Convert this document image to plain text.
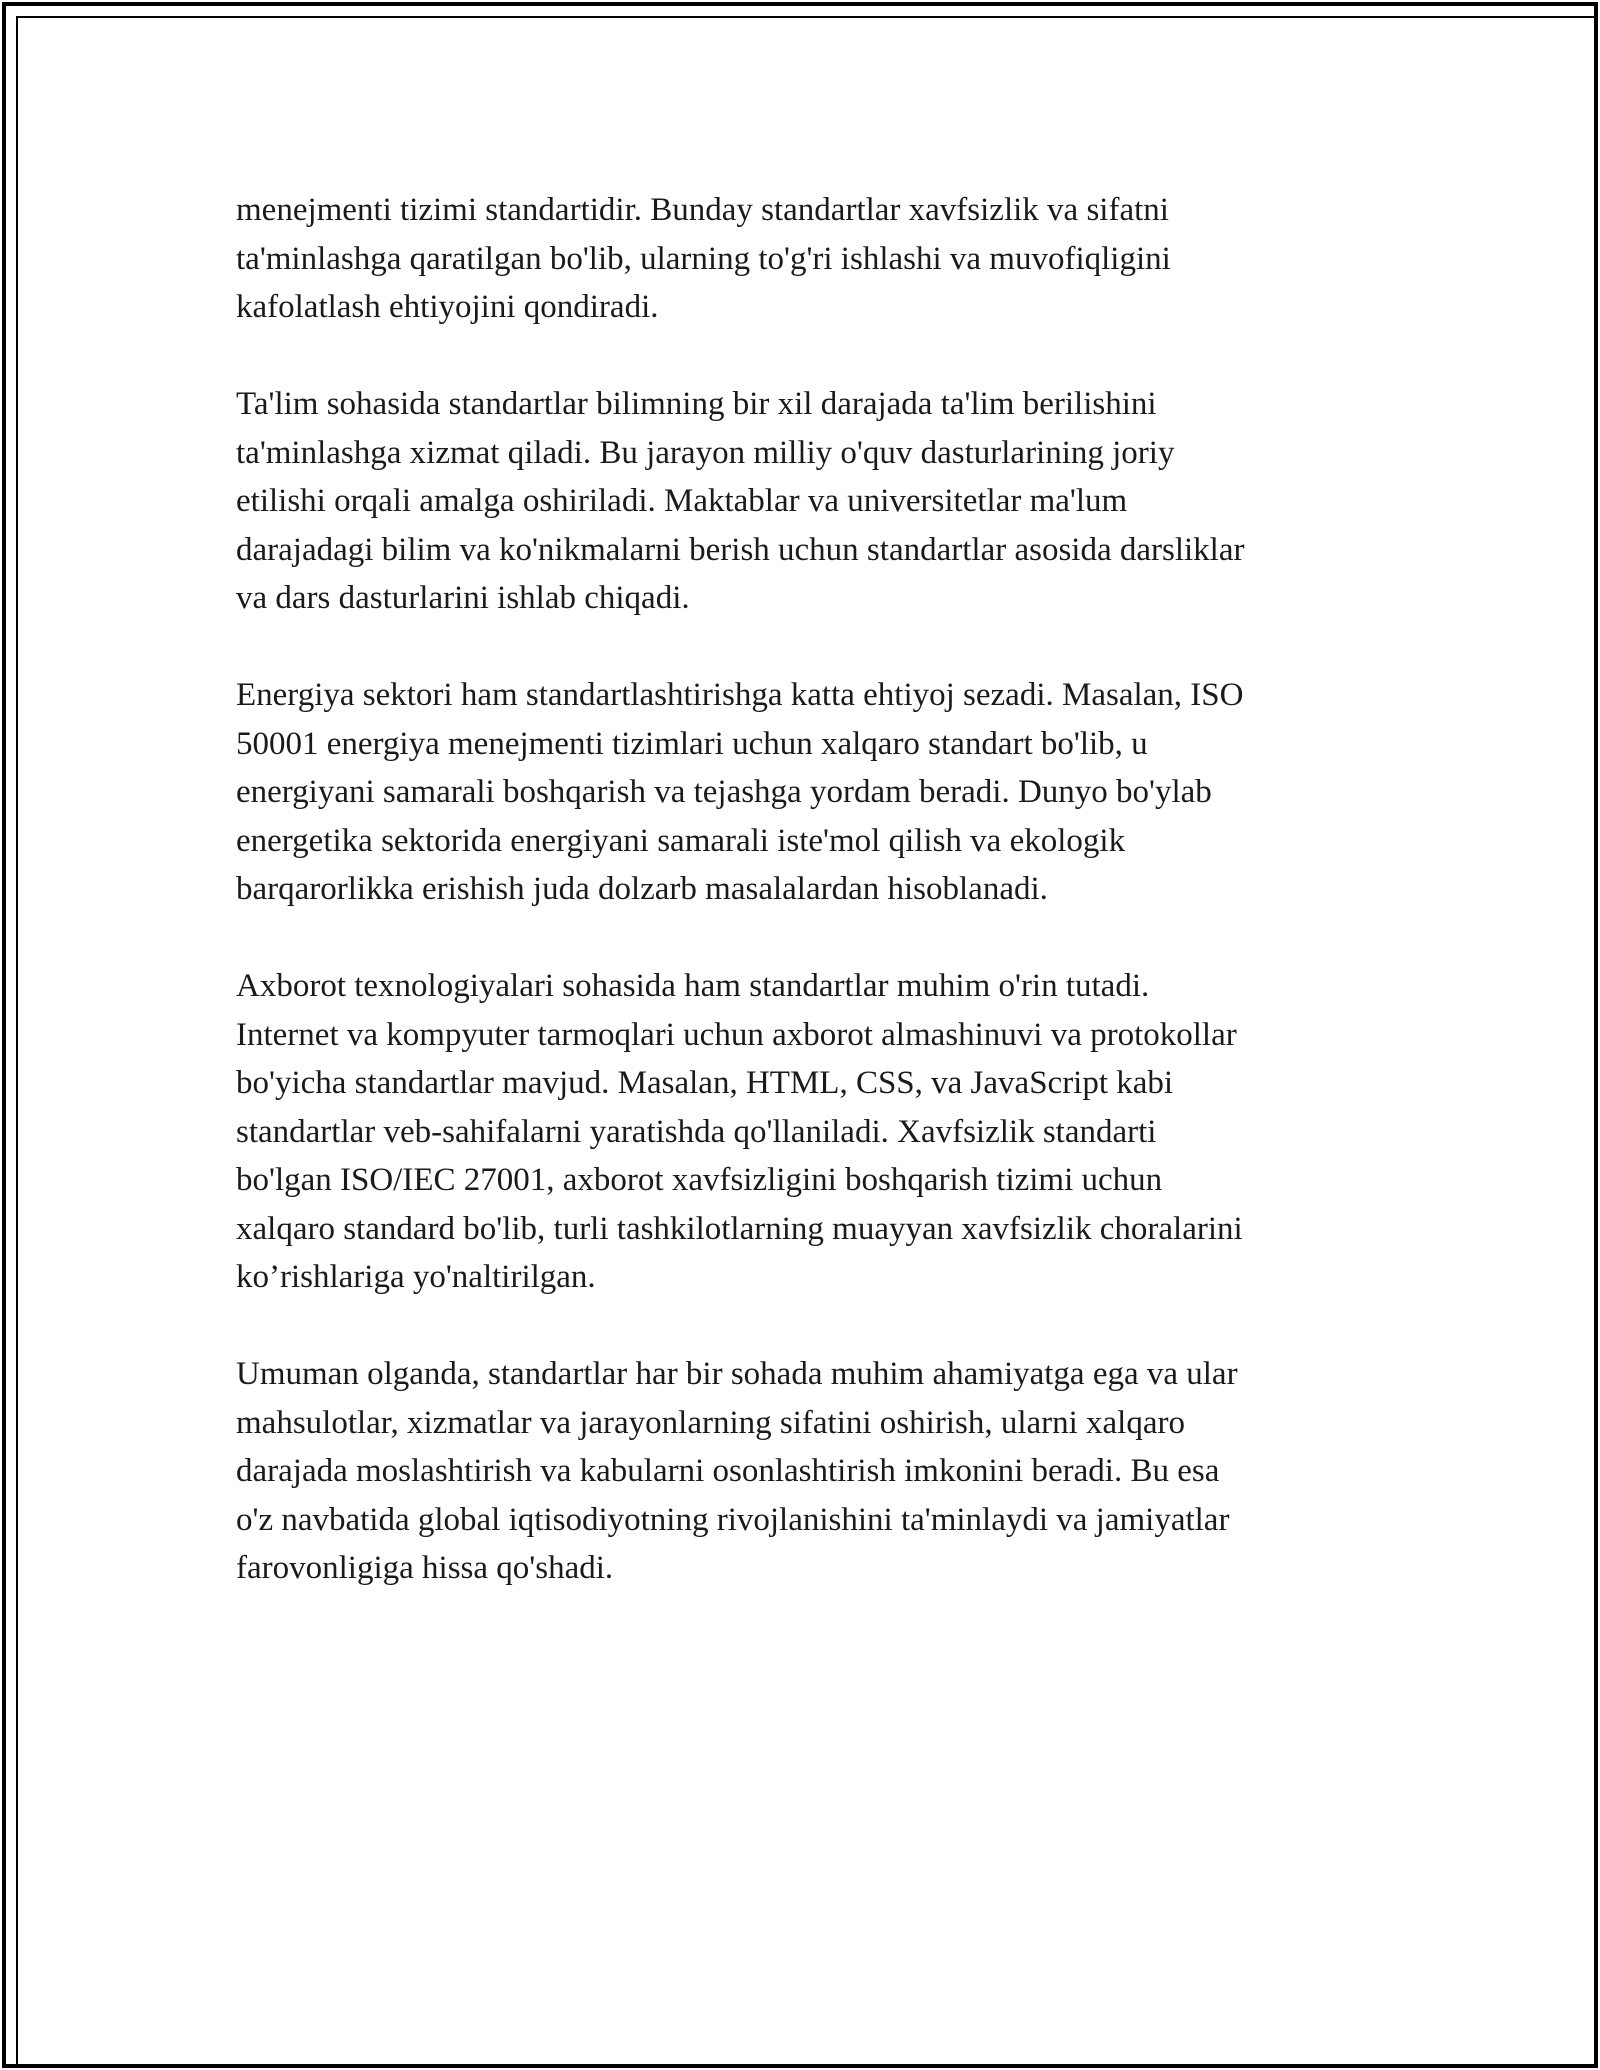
menejmenti tizimi standartidir. Bunday standartlar xavfsizlik va sifatni
ta'minlashga qaratilgan bo'lib, ularning to'g'ri ishlashi va muvofiqligini
kafolatlash ehtiyojini qondiradi.

Ta'lim sohasida standartlar bilimning bir xil darajada ta'lim berilishini
ta'minlashga xizmat qiladi. Bu jarayon milliy o'quv dasturlarining joriy
etilishi orqali amalga oshiriladi. Maktablar va universitetlar ma'lum
darajadagi bilim va ko'nikmalarni berish uchun standartlar asosida darsliklar
va dars dasturlarini ishlab chiqadi.

Energiya sektori ham standartlashtirishga katta ehtiyoj sezadi. Masalan, ISO
50001 energiya menejmenti tizimlari uchun xalqaro standart bo'lib, u
energiyani samarali boshqarish va tejashga yordam beradi. Dunyo bo'ylab
energetika sektorida energiyani samarali iste'mol qilish va ekologik
barqarorlikka erishish juda dolzarb masalalardan hisoblanadi.

Axborot texnologiyalari sohasida ham standartlar muhim o'rin tutadi.
Internet va kompyuter tarmoqlari uchun axborot almashinuvi va protokollar
bo'yicha standartlar mavjud. Masalan, HTML, CSS, va JavaScript kabi
standartlar veb-sahifalarni yaratishda qo'llaniladi. Xavfsizlik standarti
bo'lgan ISO/IEC 27001, axborot xavfsizligini boshqarish tizimi uchun
xalqaro standard bo'lib, turli tashkilotlarning muayyan xavfsizlik choralarini
ko’rishlariga yo'naltirilgan.

Umuman olganda, standartlar har bir sohada muhim ahamiyatga ega va ular
mahsulotlar, xizmatlar va jarayonlarning sifatini oshirish, ularni xalqaro
darajada moslashtirish va kabularni osonlashtirish imkonini beradi. Bu esa
o'z navbatida global iqtisodiyotning rivojlanishini ta'minlaydi va jamiyatlar
farovonligiga hissa qo'shadi.
